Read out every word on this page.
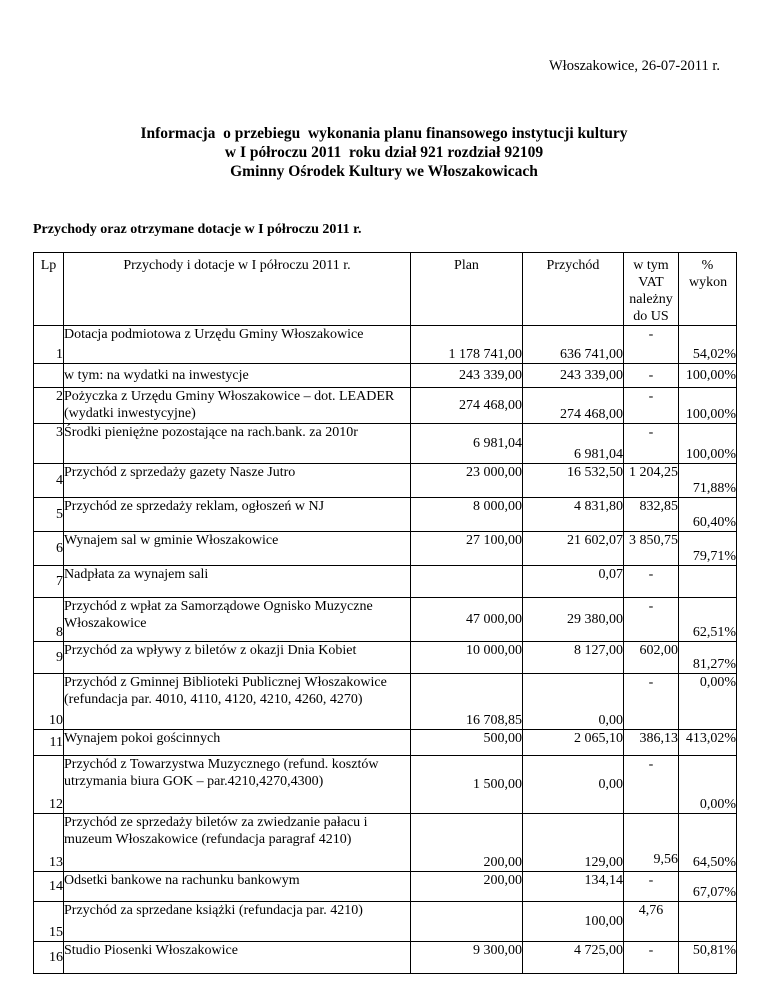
Włoszakowice, 26-07-2011 r.
Informacja  o przebiegu  wykonania planu finansowego instytucji kultury
w I półroczu 2011  roku dział 921 rozdział 92109
Gminny Ośrodek Kultury we Włoszakowicach
Przychody oraz otrzymane dotacje w I półroczu 2011 r.
Lp	Przychody i dotacje w I półroczu 2011 r.	Plan	Przychód	w tym VAT należny do US	% wykon
1	Dotacja podmiotowa z Urzędu Gminy Włoszakowice	1 178 741,00	636 741,00	-	54,02%
	w tym: na wydatki na inwestycje	243 339,00	243 339,00	-	100,00%
2	Pożyczka z Urzędu Gminy Włoszakowice – dot. LEADER (wydatki inwestycyjne)	274 468,00	274 468,00	-	100,00%
3	Środki pieniężne pozostające na rach.bank. za 2010r	6 981,04	6 981,04	-	100,00%
4	Przychód z sprzedaży gazety Nasze Jutro	23 000,00	16 532,50	1 204,25	71,88%
5	Przychód ze sprzedaży reklam, ogłoszeń w NJ	8 000,00	4 831,80	832,85	60,40%
6	Wynajem sal w gminie Włoszakowice	27 100,00	21 602,07	3 850,75	79,71%
7	Nadpłata za wynajem sali		0,07	-	
8	Przychód z wpłat za Samorządowe Ognisko Muzyczne Włoszakowice	47 000,00	29 380,00	-	62,51%
9	Przychód za wpływy z biletów z okazji Dnia Kobiet	10 000,00	8 127,00	602,00	81,27%
10	Przychód z Gminnej Biblioteki Publicznej Włoszakowice (refundacja par. 4010, 4110, 4120, 4210, 4260, 4270)	16 708,85	0,00	-	0,00%
11	Wynajem pokoi gościnnych	500,00	2 065,10	386,13	413,02%
12	Przychód z Towarzystwa Muzycznego (refund. kosztów utrzymania biura GOK – par.4210,4270,4300)	1 500,00	0,00	-	0,00%
13	Przychód ze sprzedaży biletów za zwiedzanie pałacu i muzeum Włoszakowice (refundacja paragraf 4210)	200,00	129,00	9,56	64,50%
14	Odsetki bankowe na rachunku bankowym	200,00	134,14	-	67,07%
15	Przychód za sprzedane książki (refundacja par. 4210)		100,00	4,76	
16	Studio Piosenki Włoszakowice	9 300,00	4 725,00	-	50,81%
